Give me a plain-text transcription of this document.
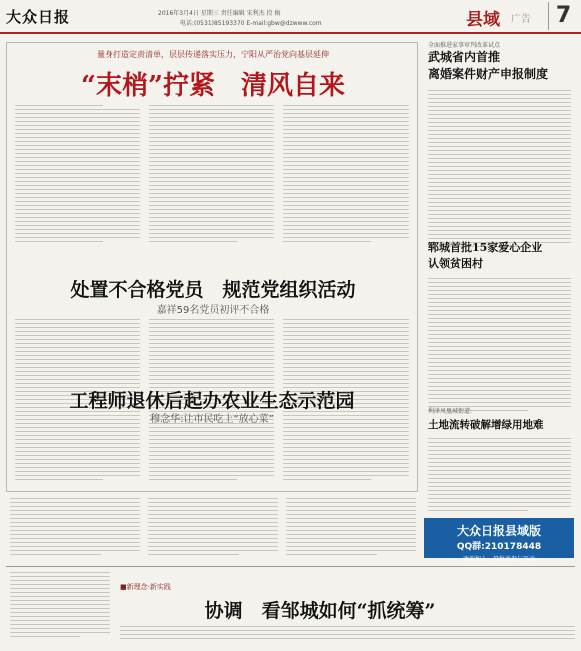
大众日报	2016年3月4日 星期三 责任编辑 宋利杰 投 稿
电话:(0531)85193370 E-mail:gbw@dzwww.com	县域 广告	7
量身打造定责清单，层层传递落实压力，宁阳从严治党向基层延伸
“末梢”拧紧　清风自来
处置不合格党员　规范党组织活动
嘉祥59名党员初评不合格
工程师退休后起办农业生态示范园
穆念华:让市民吃上“放心菜”
全面推进家事审判改革试点
武城省内首推
离婚案件财产申报制度
郓城首批15家爱心企业
认领贫困村
利津凤凰城街道:
土地流转破解增绿用地难
大众日报县域版
QQ群:210178448
欢迎加入，投稿并参与互动
■新理念·新实践
协调　看邹城如何“抓统筹”
